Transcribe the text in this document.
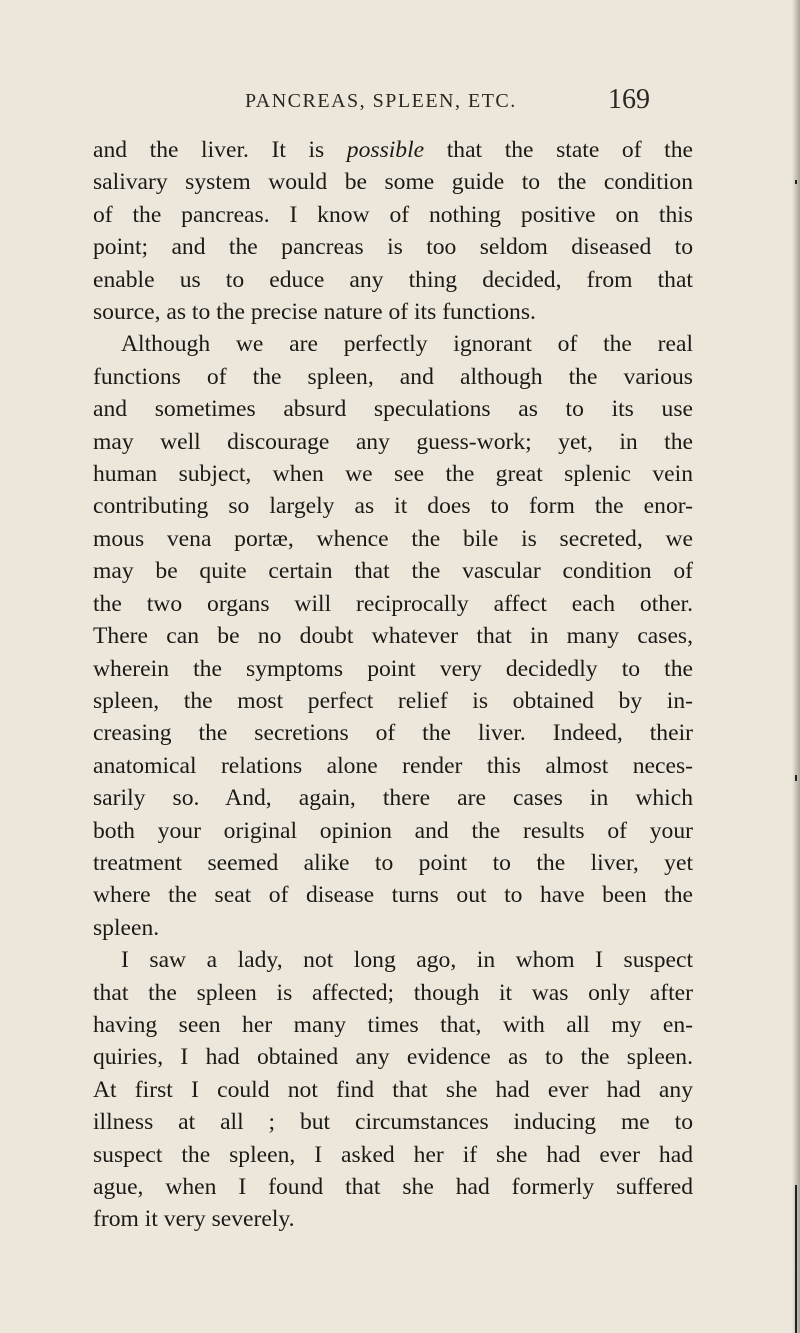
PANCREAS, SPLEEN, ETC.	169
and the liver. It is possible that the state of the
salivary system would be some guide to the condition
of the pancreas. I know of nothing positive on this
point; and the pancreas is too seldom diseased to
enable us to educe any thing decided, from that
source, as to the precise nature of its functions.
Although we are perfectly ignorant of the real
functions of the spleen, and although the various
and sometimes absurd speculations as to its use
may well discourage any guess-work; yet, in the
human subject, when we see the great splenic vein
contributing so largely as it does to form the enor-
mous vena portæ, whence the bile is secreted, we
may be quite certain that the vascular condition of
the two organs will reciprocally affect each other.
There can be no doubt whatever that in many cases,
wherein the symptoms point very decidedly to the
spleen, the most perfect relief is obtained by in-
creasing the secretions of the liver. Indeed, their
anatomical relations alone render this almost neces-
sarily so. And, again, there are cases in which
both your original opinion and the results of your
treatment seemed alike to point to the liver, yet
where the seat of disease turns out to have been the
spleen.
I saw a lady, not long ago, in whom I suspect
that the spleen is affected; though it was only after
having seen her many times that, with all my en-
quiries, I had obtained any evidence as to the spleen.
At first I could not find that she had ever had any
illness at all ; but circumstances inducing me to
suspect the spleen, I asked her if she had ever had
ague, when I found that she had formerly suffered
from it very severely.
